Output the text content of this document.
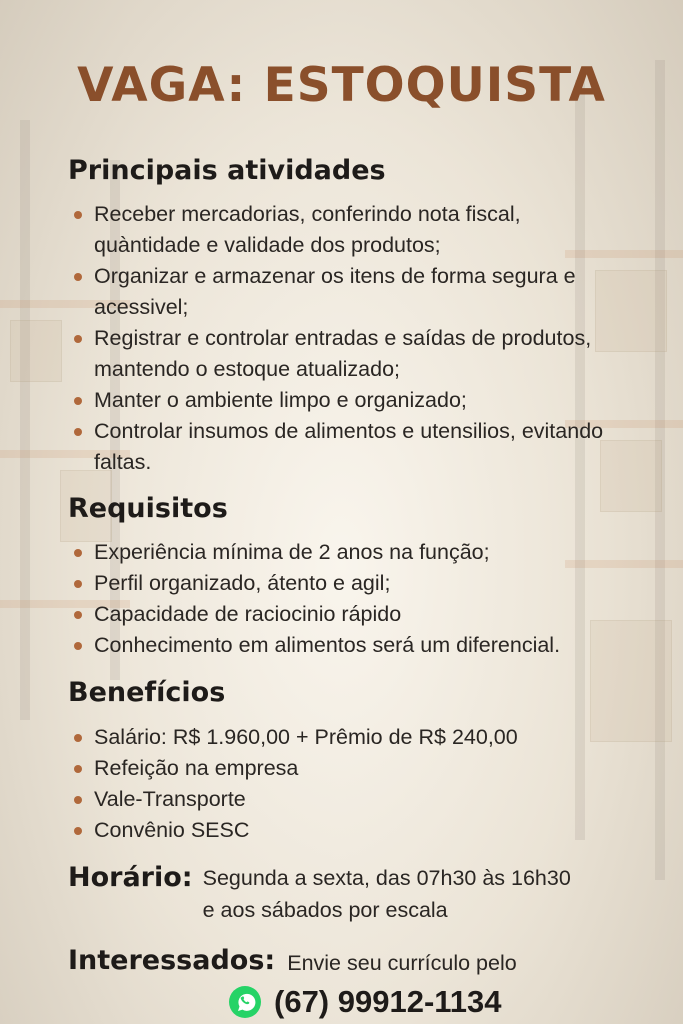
VAGA: ESTOQUISTA
Principais atividades
Receber mercadorias, conferindo nota fiscal, quàntidade e validade dos produtos;
Organizar e armazenar os itens de forma segura e acessivel;
Registrar e controlar entradas e saídas de produtos, mantendo o estoque atualizado;
Manter o ambiente limpo e organizado;
Controlar insumos de alimentos e utensilios, evitando faltas.
Requisitos
Experiência mínima de 2 anos na função;
Perfil organizado, átento e agil;
Capacidade de raciocinio rápido
Conhecimento em alimentos será um diferencial.
Benefícios
Salário: R$ 1.960,00 + Prêmio de R$ 240,00
Refeição na empresa
Vale-Transporte
Convênio SESC
Horário: Segunda a sexta, das 07h30 às 16h30
e aos sábados por escala
Interessados: Envie seu currículo pelo
(67) 99912-1134
